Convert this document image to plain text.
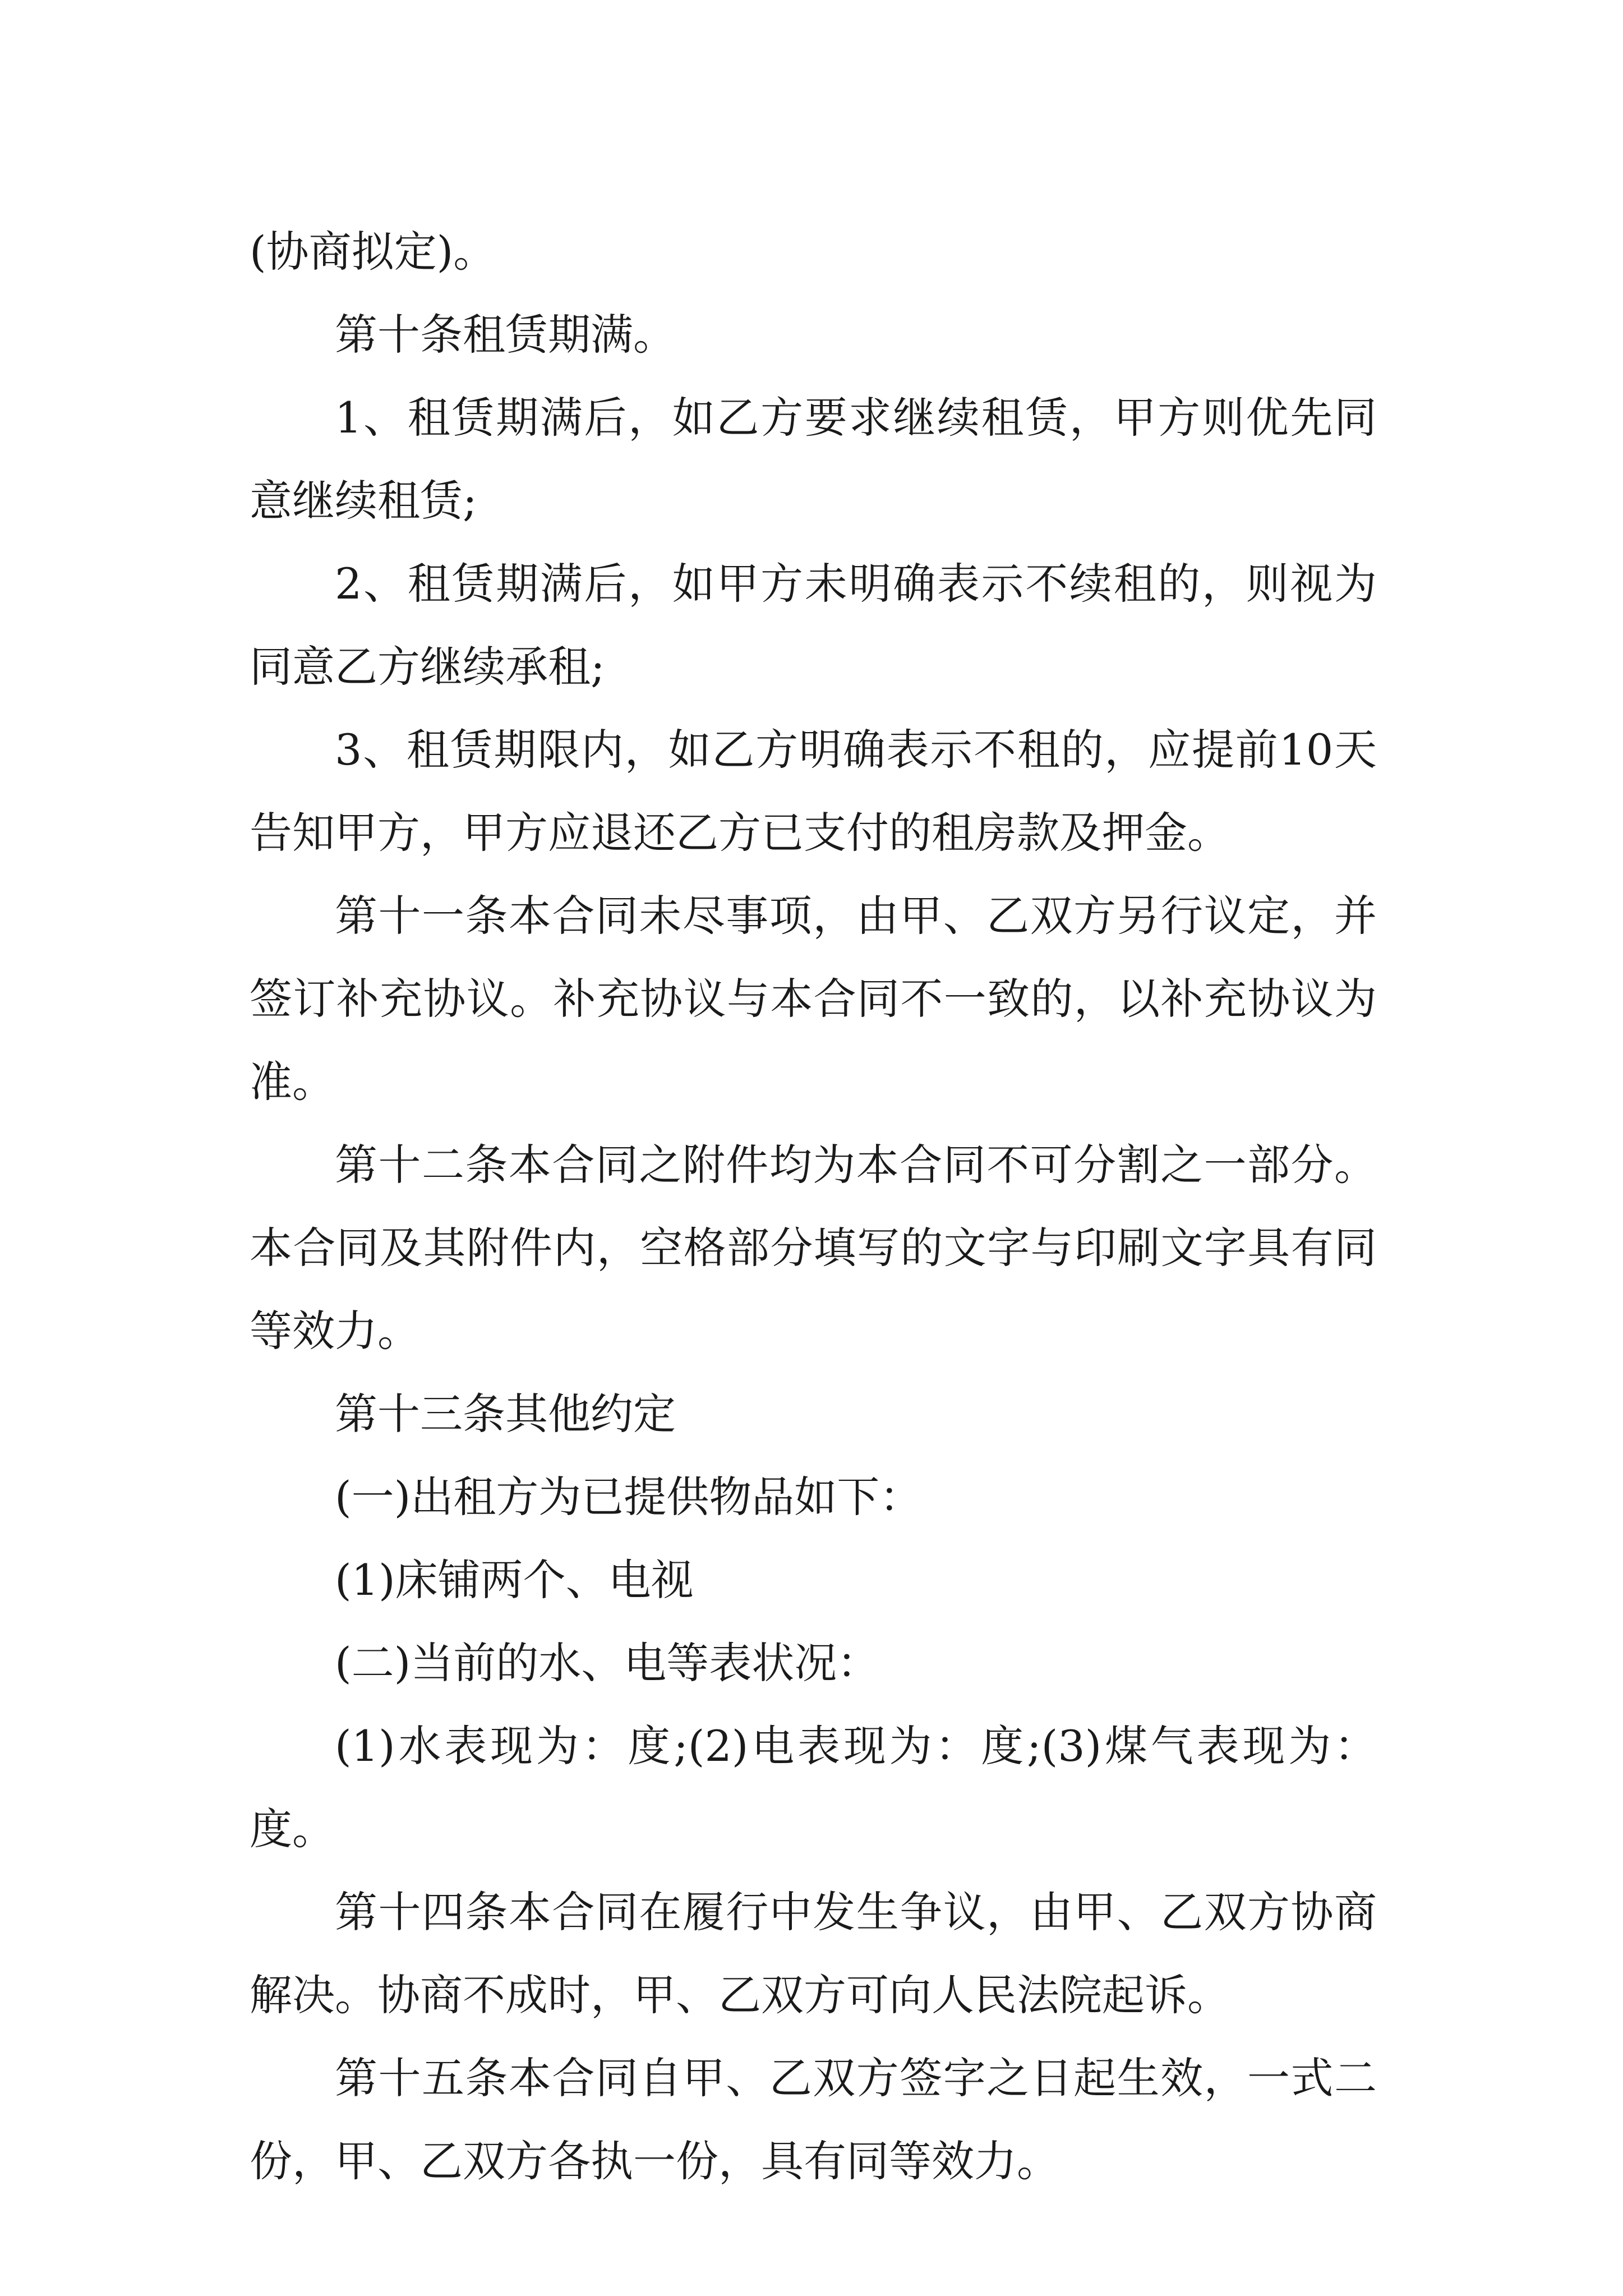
(协商拟定)。

第十条租赁期满。

1、租赁期满后，如乙方要求继续租赁，甲方则优先同意继续租赁;

2、租赁期满后，如甲方未明确表示不续租的，则视为同意乙方继续承租;

3、租赁期限内，如乙方明确表示不租的，应提前10天告知甲方，甲方应退还乙方已支付的租房款及押金。

第十一条本合同未尽事项，由甲、乙双方另行议定，并签订补充协议。补充协议与本合同不一致的，以补充协议为准。

第十二条本合同之附件均为本合同不可分割之一部分。本合同及其附件内，空格部分填写的文字与印刷文字具有同等效力。

第十三条其他约定

(一)出租方为已提供物品如下：

(1)床铺两个、电视

(二)当前的水、电等表状况：

(1)水表现为：度;(2)电表现为：度;(3)煤气表现为：度。

第十四条本合同在履行中发生争议，由甲、乙双方协商解决。协商不成时，甲、乙双方可向人民法院起诉。

第十五条本合同自甲、乙双方签字之日起生效，一式二份，甲、乙双方各执一份，具有同等效力。
